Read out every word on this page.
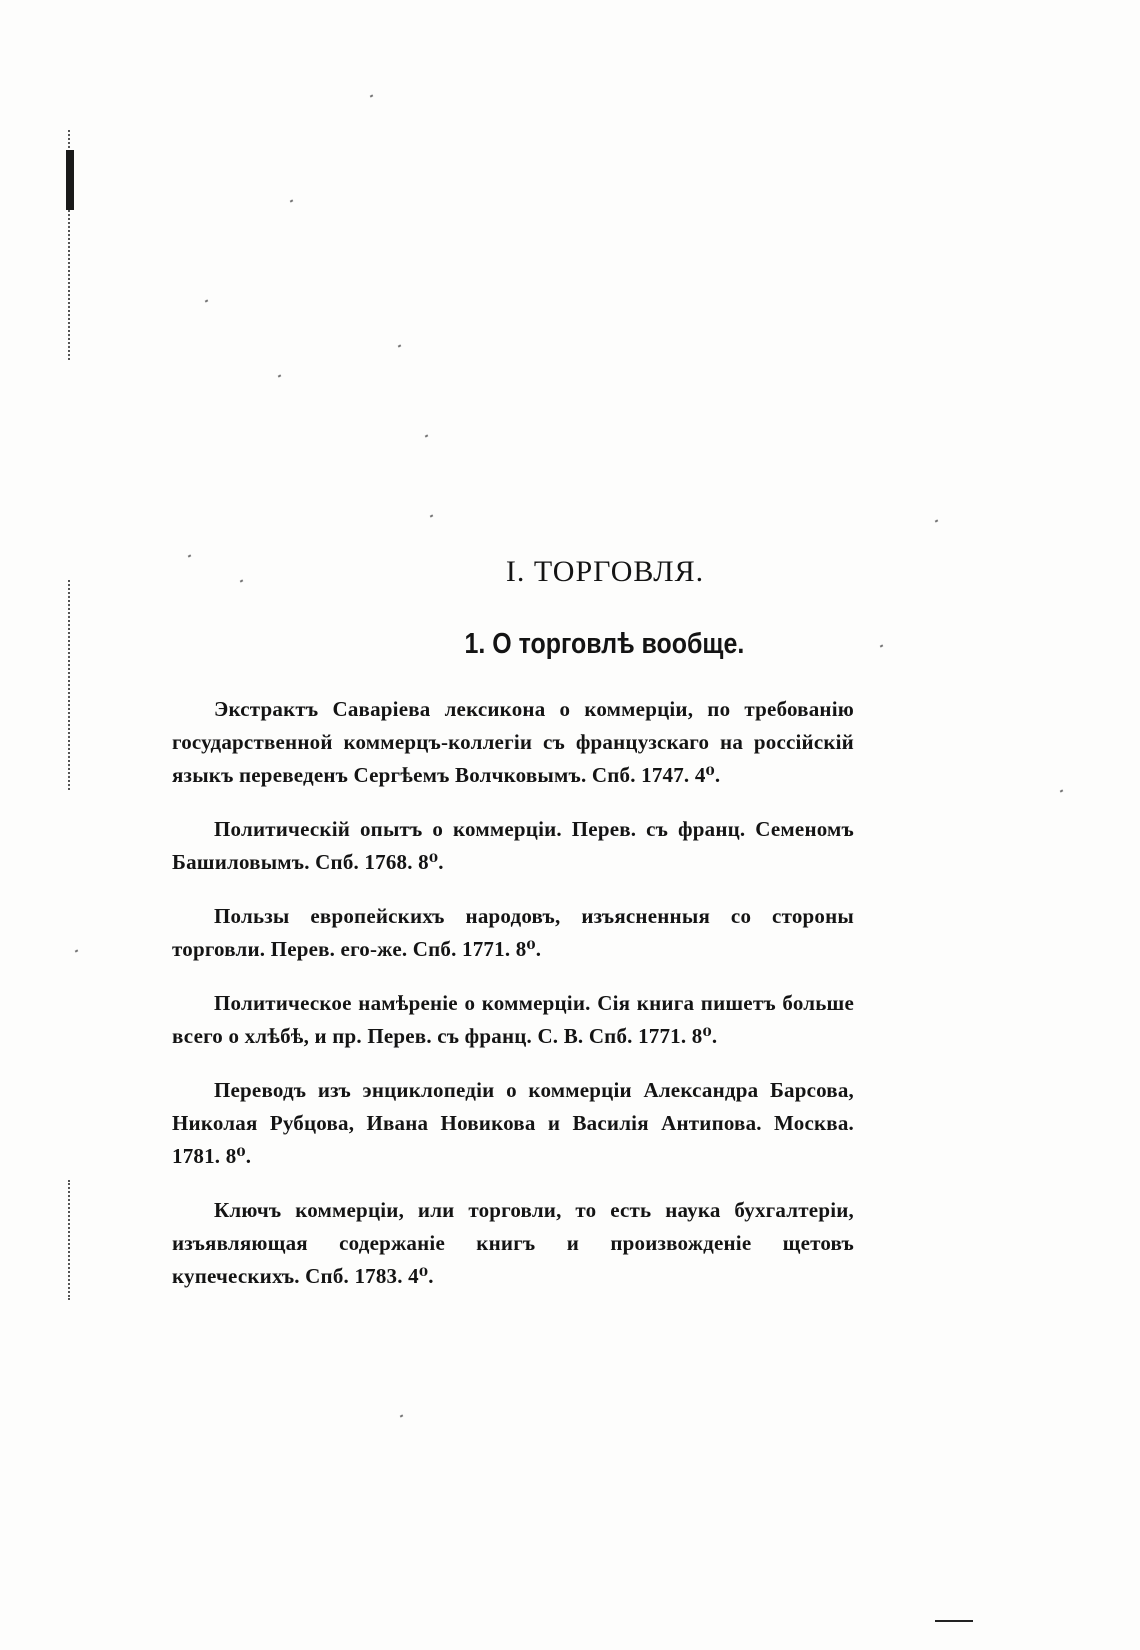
I. ТОРГОВЛЯ.
1. О торговлѣ вообще.

Экстрактъ Саваріева лексикона о коммерціи, по требованію государственной коммерцъ-коллегіи съ французскаго на россійскій языкъ переведенъ Сергѣемъ Волчковымъ. Спб. 1747. 4⁰.

Политическій опытъ о коммерціи. Перев. съ франц. Семеномъ Башиловымъ. Спб. 1768. 8⁰.

Пользы европейскихъ народовъ, изъясненныя со стороны торговли. Перев. его-же. Спб. 1771. 8⁰.

Политическое намѣреніе о коммерціи. Сія книга пишетъ больше всего о хлѣбѣ, и пр. Перев. съ франц. С. В. Спб. 1771. 8⁰.

Переводъ изъ энциклопедіи о коммерціи Александра Барсова, Николая Рубцова, Ивана Новикова и Василія Антипова. Москва. 1781. 8⁰.

Ключъ коммерціи, или торговли, то есть наука бухгалтеріи, изъявляющая содержаніе книгъ и произвожденіе щетовъ купеческихъ. Спб. 1783. 4⁰.
